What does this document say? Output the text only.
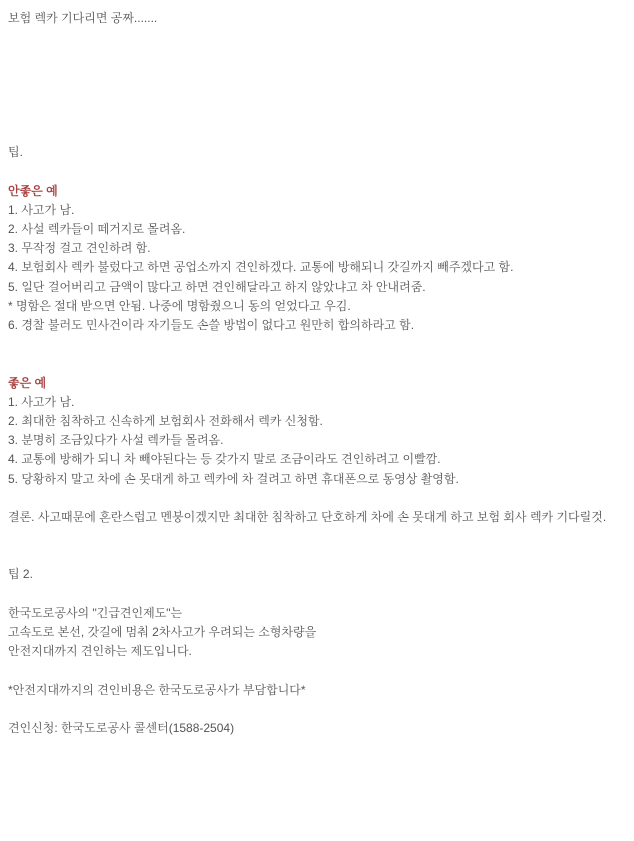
보험 렉카 기다리면 공짜.......
팁.
안좋은 예
1. 사고가 남.
2. 사설 렉카들이 떼거지로 몰려옴.
3. 무작정 걸고 견인하려 함.
4. 보험회사 렉카 불렀다고 하면 공업소까지 견인하겠다. 교통에 방해되니 갓길까지 빼주겠다고 함.
5. 일단 걸어버리고 금액이 많다고 하면 견인해달라고 하지 않았냐고 차 안내려줌.
* 명함은 절대 받으면 안됨. 나중에 명함줬으니 동의 얻었다고 우김.
6. 경찰 불러도 민사건이라 자기들도 손쓸 방법이 없다고 원만히 합의하라고 함.
좋은 예
1. 사고가 남.
2. 최대한 침착하고 신속하게 보험회사 전화해서 렉카 신청함.
3. 분명히 조금있다가 사설 렉카들 몰려옴.
4. 교통에 방해가 되니 차 빼야된다는 등 갖가지 말로 조금이라도 견인하려고 이빨깜.
5. 당황하지 말고 차에 손 못대게 하고 렉카에 차 걸려고 하면 휴대폰으로 동영상 촬영함.
결론. 사고때문에 혼란스럽고 멘붕이겠지만 최대한 침착하고 단호하게 차에 손 못대게 하고 보험 회사 렉카 기다릴것.
팁 2.
한국도로공사의 "긴급견인제도"는
고속도로 본선, 갓길에 멈춰 2차사고가 우려되는 소형차량을
안전지대까지 견인하는 제도입니다.
*안전지대까지의 견인비용은 한국도로공사가 부담합니다*
견인신청: 한국도로공사 콜센터(1588-2504)
